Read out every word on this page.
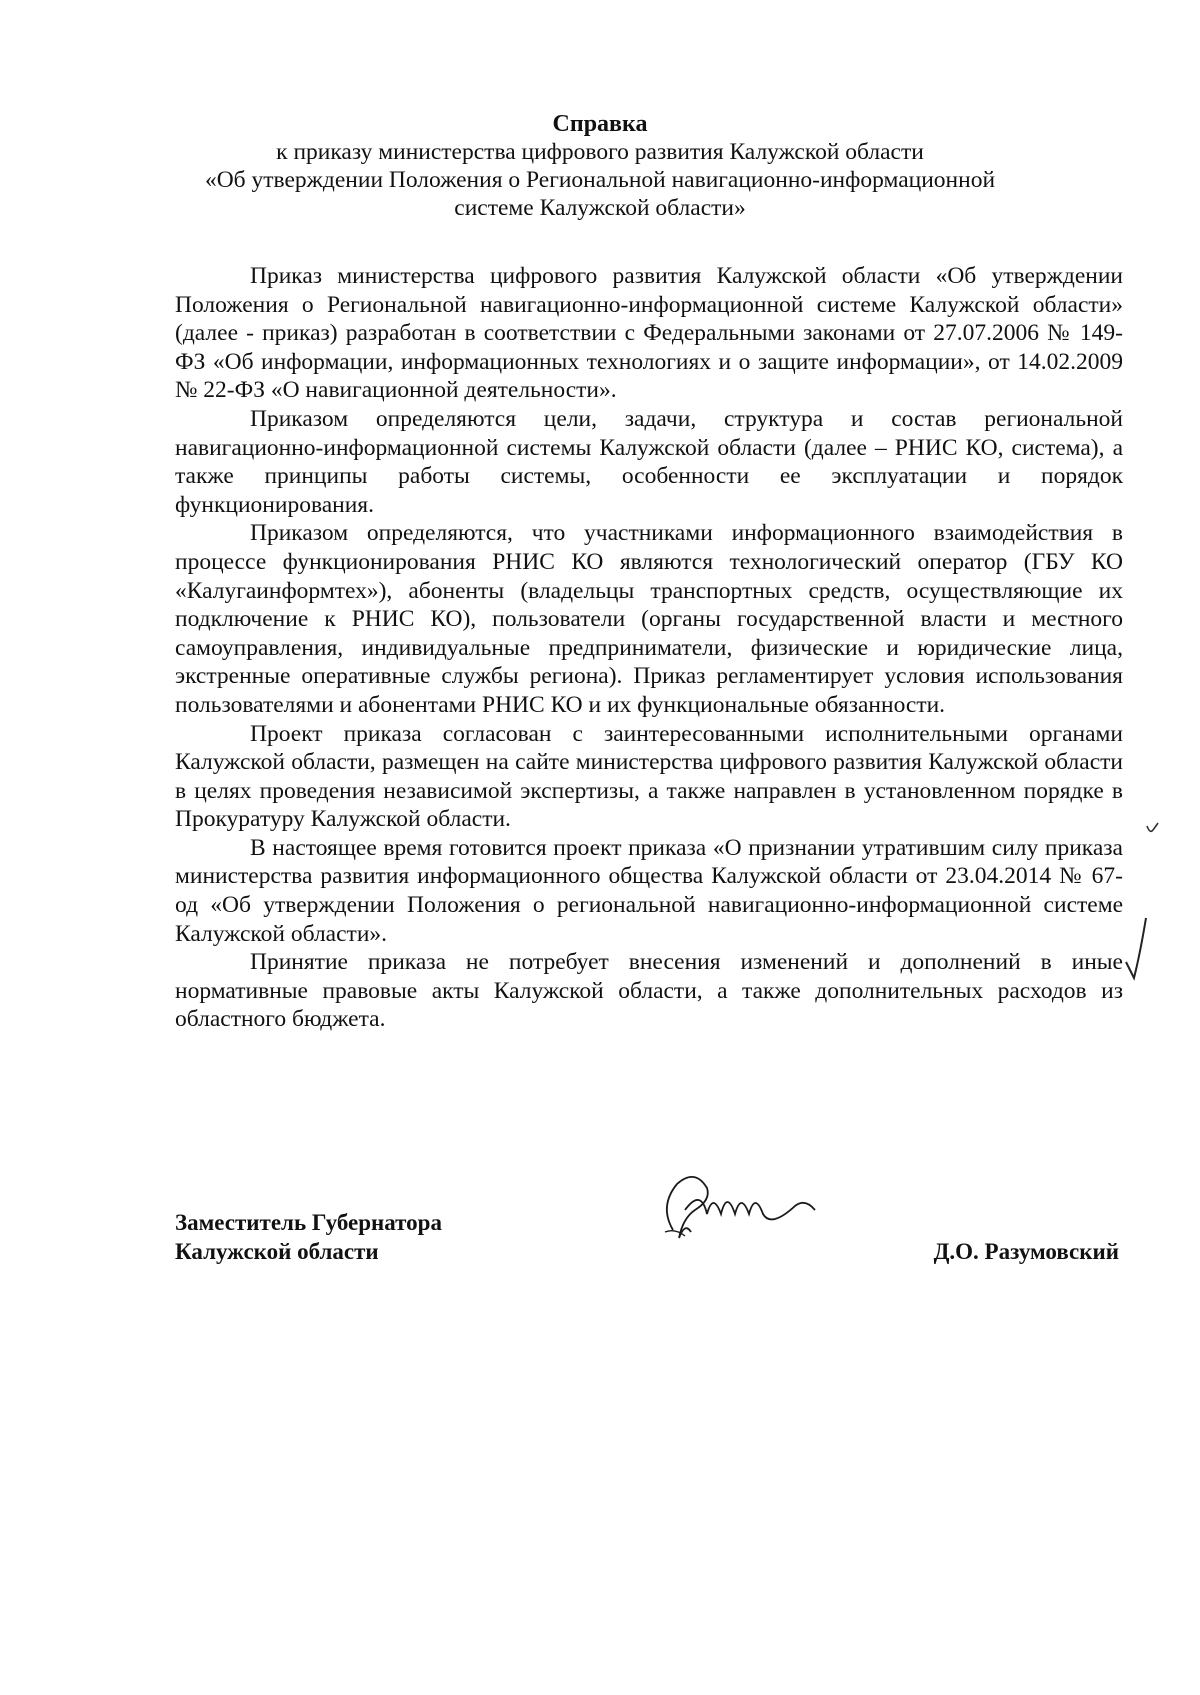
Справка
к приказу министерства цифрового развития Калужской области
«Об утверждении Положения о Региональной навигационно-информационной
системе Калужской области»

Приказ министерства цифрового развития Калужской области «Об утверждении Положения о Региональной навигационно-информационной системе Калужской области» (далее - приказ) разработан в соответствии с Федеральными законами от 27.07.2006 № 149-ФЗ «Об информации, информационных технологиях и о защите информации», от 14.02.2009 № 22-ФЗ «О навигационной деятельности».

Приказом определяются цели, задачи, структура и состав региональной навигационно-информационной системы Калужской области (далее – РНИС КО, система), а также принципы работы системы, особенности ее эксплуатации и порядок функционирования.

Приказом определяются, что участниками информационного взаимодействия в процессе функционирования РНИС КО являются технологический оператор (ГБУ КО «Калугаинформтех»), абоненты (владельцы транспортных средств, осуществляющие их подключение к РНИС КО), пользователи (органы государственной власти и местного самоуправления, индивидуальные предприниматели, физические и юридические лица, экстренные оперативные службы региона). Приказ регламентирует условия использования пользователями и абонентами РНИС КО и их функциональные обязанности.

Проект приказа согласован с заинтересованными исполнительными органами Калужской области, размещен на сайте министерства цифрового развития Калужской области в целях проведения независимой экспертизы, а также направлен в установленном порядке в Прокуратуру Калужской области.

В настоящее время готовится проект приказа «О признании утратившим силу приказа министерства развития информационного общества Калужской области от 23.04.2014 № 67-од «Об утверждении Положения о региональной навигационно-информационной системе Калужской области».

Принятие приказа не потребует внесения изменений и дополнений в иные нормативные правовые акты Калужской области, а также дополнительных расходов из областного бюджета.

Заместитель Губернатора
Калужской области	Д.О. Разумовский
